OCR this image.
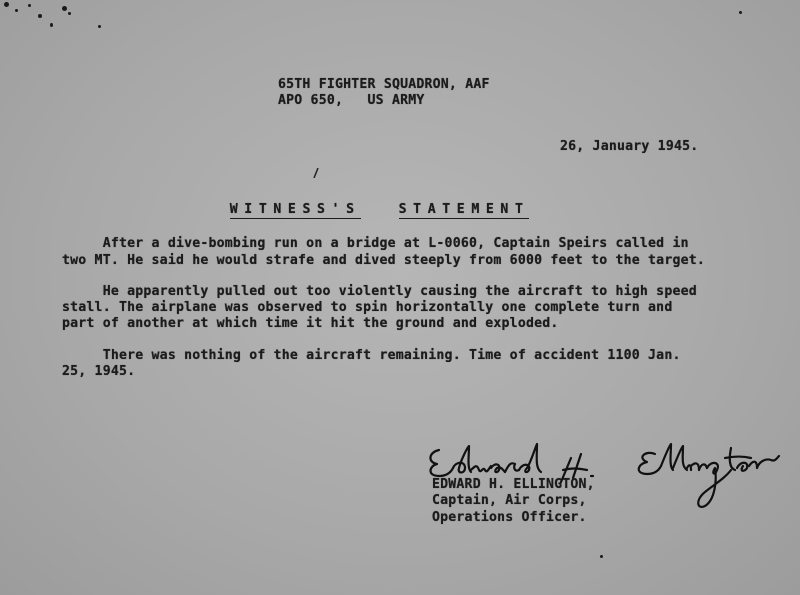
65TH FIGHTER SQUADRON, AAF
APO 650,   US ARMY
26, January 1945.

WITNESS'S	STATEMENT

After a dive-bombing run on a bridge at L-0060, Captain Speirs called in
two MT. He said he would strafe and dived steeply from 6000 feet to the target.
He apparently pulled out too violently causing the aircraft to high speed
stall. The airplane was observed to spin horizontally one complete turn and
part of another at which time it hit the ground and exploded.
There was nothing of the aircraft remaining. Time of accident 1100 Jan.
25, 1945.
EDWARD H. ELLINGTON,
Captain, Air Corps,
Operations Officer.
